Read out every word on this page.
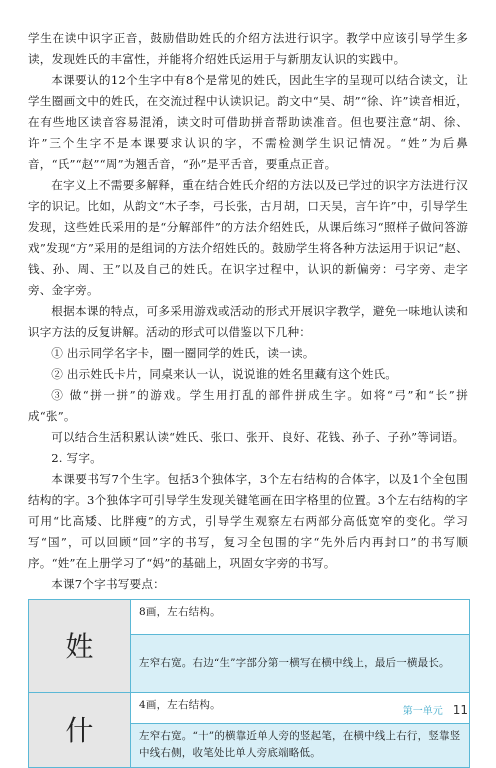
学生在读中识字正音，鼓励借助姓氏的介绍方法进行识字。教学中应该引导学生多读，发现姓氏的丰富性，并能将介绍姓氏运用于与新朋友认识的实践中。

本课要认的12个生字中有8个是常见的姓氏，因此生字的呈现可以结合读文，让学生圈画文中的姓氏，在交流过程中认读识记。韵文中“吴、胡”“徐、许”读音相近，在有些地区读音容易混淆，读文时可借助拼音帮助读准音。但也要注意“胡、徐、许”三个生字不是本课要求认识的字，不需检测学生识记情况。“姓”为后鼻音，“氏”“赵”“周”为翘舌音，“孙”是平舌音，要重点正音。

在字义上不需要多解释，重在结合姓氏介绍的方法以及已学过的识字方法进行汉字的识记。比如，从韵文“木子李，弓长张，古月胡，口天吴，言午许”中，引导学生发现，这些姓氏采用的是“分解部件”的方法介绍姓氏，从课后练习“照样子做问答游戏”发现“方”采用的是组词的方法介绍姓氏的。鼓励学生将各种方法运用于识记“赵、钱、孙、周、王”以及自己的姓氏。在识字过程中，认识的新偏旁：弓字旁、走字旁、金字旁。

根据本课的特点，可多采用游戏或活动的形式开展识字教学，避免一味地认读和识字方法的反复讲解。活动的形式可以借鉴以下几种：

① 出示同学名字卡，圈一圈同学的姓氏，读一读。

② 出示姓氏卡片，同桌来认一认，说说谁的姓名里藏有这个姓氏。

③ 做“拼一拼”的游戏。学生用打乱的部件拼成生字。如将“弓”和“长”拼成“张”。

可以结合生活积累认读“姓氏、张口、张开、良好、花钱、孙子、子孙”等词语。

2. 写字。

本课要书写7个生字。包括3个独体字，3个左右结构的合体字，以及1个全包围结构的字。3个独体字可引导学生发现关键笔画在田字格里的位置。3个左右结构的字可用“比高矮、比胖瘦”的方式，引导学生观察左右两部分高低宽窄的变化。学习写“国”，可以回顾“回”字的书写，复习全包围的字“先外后内再封口”的书写顺序。“姓”在上册学习了“妈”的基础上，巩固女字旁的书写。

本课7个字书写要点：

姓
8画，左右结构。
左窄右宽。右边“生”字部分第一横写在横中线上，最后一横最长。
什
4画，左右结构。
左窄右宽。“十”的横靠近单人旁的竖起笔，在横中线上右行，竖靠竖中线右侧，收笔处比单人旁底端略低。
第一单元 11
